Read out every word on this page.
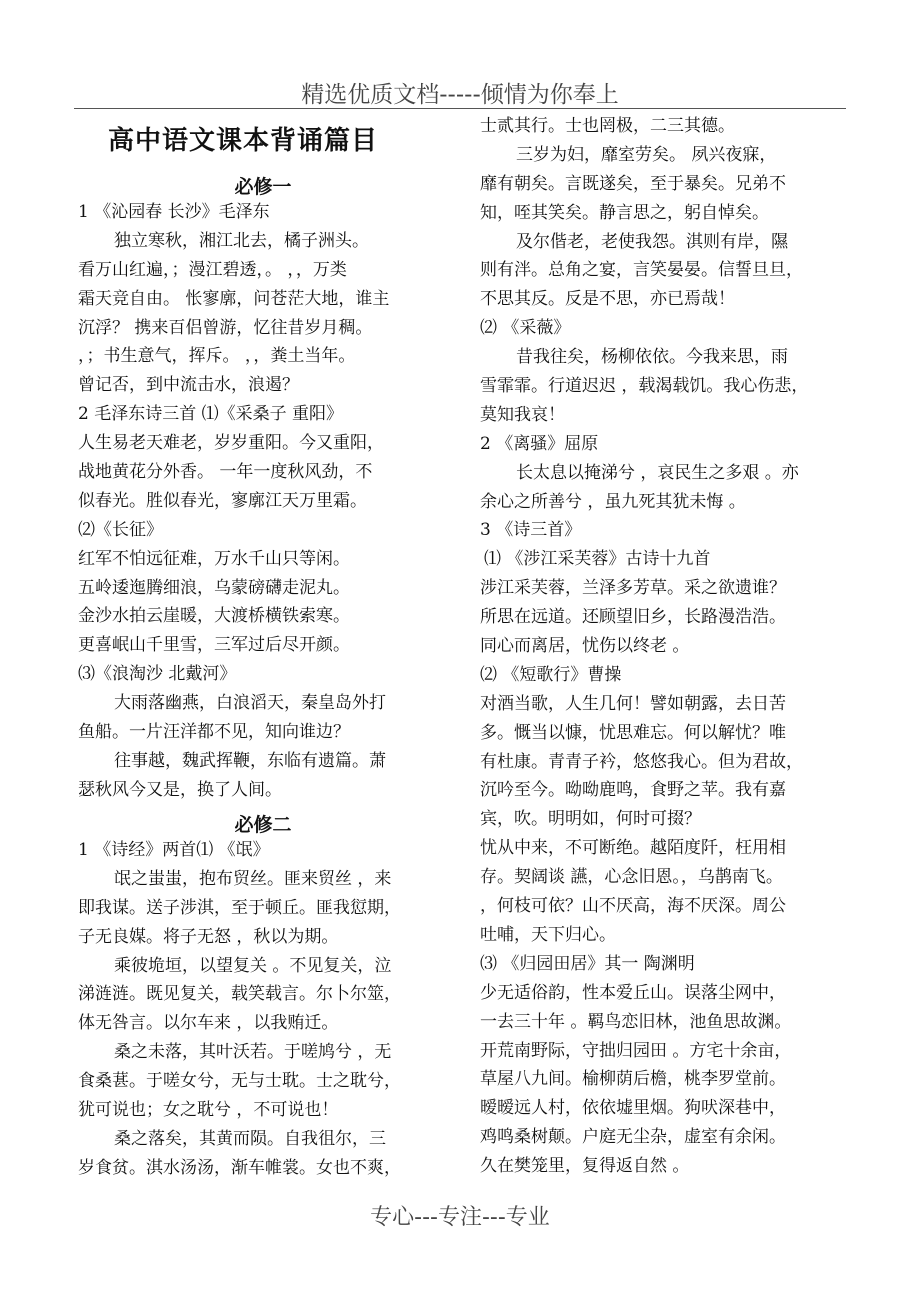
精选优质文档-----倾情为你奉上
高中语文课本背诵篇目
必修一
1 《沁园春 长沙》毛泽东
独立寒秋，湘江北去，橘子洲头。
看万山红遍，；漫江碧透，。 ，，万类
霜天竞自由。 怅寥廓，问苍茫大地，谁主
沉浮？ 携来百侣曾游，忆往昔岁月稠。
，；书生意气，挥斥。 ，，粪土当年。
曾记否，到中流击水，浪遏？
2 毛泽东诗三首 ⑴《采桑子 重阳》
人生易老天难老，岁岁重阳。今又重阳，
战地黄花分外香。 一年一度秋风劲，不
似春光。胜似春光，寥廓江天万里霜。
⑵《长征》
红军不怕远征难，万水千山只等闲。
五岭逶迤腾细浪，乌蒙磅礴走泥丸。
金沙水拍云崖暖，大渡桥横铁索寒。
更喜岷山千里雪，三军过后尽开颜。
⑶《浪淘沙 北戴河》
大雨落幽燕，白浪滔天，秦皇岛外打
鱼船。一片汪洋都不见，知向谁边？
往事越，魏武挥鞭，东临有遗篇。萧
瑟秋风今又是，换了人间。
必修二
1 《诗经》两首⑴ 《氓》
氓之蚩蚩，抱布贸丝。匪来贸丝 ，来
即我谋。送子涉淇，至于顿丘。匪我愆期，
子无良媒。将子无怒 ，秋以为期。
乘彼垝垣，以望复关 。不见复关，泣
涕涟涟。既见复关，载笑载言。尔卜尔筮，
体无咎言。以尔车来 ，以我贿迁。
桑之未落，其叶沃若。于嗟鸠兮 ，无
食桑葚。于嗟女兮，无与士耽。士之耽兮，
犹可说也；女之耽兮 ，不可说也！
桑之落矣，其黄而陨。自我徂尔，三
岁食贫。淇水汤汤，渐车帷裳。女也不爽，
士贰其行。士也罔极，二三其德。
三岁为妇，靡室劳矣。 夙兴夜寐，
靡有朝矣。言既遂矣，至于暴矣。兄弟不
知，咥其笑矣。静言思之，躬自悼矣。
及尔偕老，老使我怨。淇则有岸，隰
则有泮。总角之宴，言笑晏晏。信誓旦旦，
不思其反。反是不思，亦已焉哉！
⑵ 《采薇》
昔我往矣，杨柳依依。今我来思，雨
雪霏霏。行道迟迟 ，载渴载饥。我心伤悲，
莫知我哀！
2 《离骚》屈原
长太息以掩涕兮 ，哀民生之多艰 。亦
余心之所善兮 ，虽九死其犹未悔 。
3 《诗三首》
⑴ 《涉江采芙蓉》古诗十九首
涉江采芙蓉，兰泽多芳草。采之欲遗谁？
所思在远道。还顾望旧乡，长路漫浩浩。
同心而离居，忧伤以终老 。
⑵ 《短歌行》曹操
对酒当歌，人生几何！譬如朝露，去日苦
多。慨当以慷，忧思难忘。何以解忧？唯
有杜康。青青子衿，悠悠我心。但为君故，
沉吟至今。呦呦鹿鸣，食野之苹。我有嘉
宾，吹。明明如，何时可掇？
忧从中来，不可断绝。越陌度阡，枉用相
存。契阔谈 讌，心念旧恩。，乌鹊南飞。
，何枝可依？山不厌高，海不厌深。周公
吐哺，天下归心。
⑶ 《归园田居》其一 陶渊明
少无适俗韵，性本爱丘山。误落尘网中，
一去三十年 。羁鸟恋旧林，池鱼思故渊。
开荒南野际，守拙归园田 。方宅十余亩，
草屋八九间。榆柳荫后檐，桃李罗堂前。
暧暧远人村，依依墟里烟。狗吠深巷中，
鸡鸣桑树颠。户庭无尘杂，虚室有余闲。
久在樊笼里，复得返自然 。
专心---专注---专业
